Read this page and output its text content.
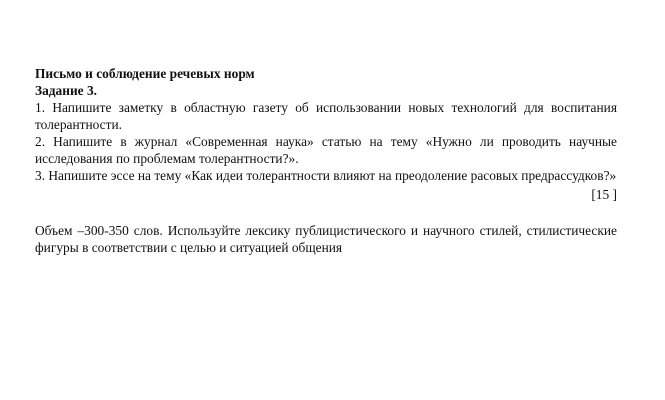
Письмо и соблюдение речевых норм

Задание 3.

1. Напишите заметку в областную газету об использовании новых технологий для воспитания толерантности.

2. Напишите в журнал «Современная наука» статью на тему «Нужно ли проводить научные исследования по проблемам толерантности?».

3. Напишите эссе на тему «Как идеи толерантности влияют на преодоление расовых предрассудков?»

[15 ]

Объем –300-350 слов. Используйте лексику публицистического и научного стилей, стилистические фигуры в соответствии с целью и ситуацией общения
